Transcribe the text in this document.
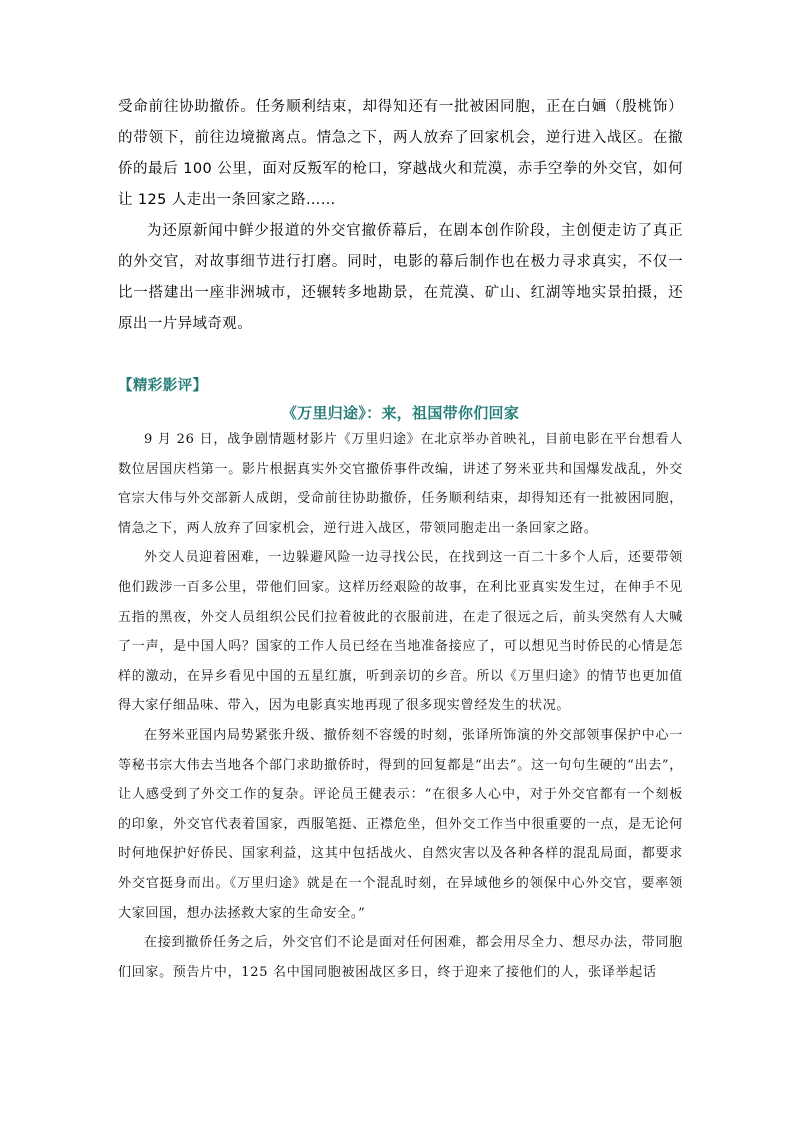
受命前往协助撤侨。任务顺利结束，却得知还有一批被困同胞，正在白婳（殷桃饰）的带领下，前往边境撤离点。情急之下，两人放弃了回家机会，逆行进入战区。在撤侨的最后 100 公里，面对反叛军的枪口，穿越战火和荒漠，赤手空拳的外交官，如何让 125 人走出一条回家之路……

为还原新闻中鲜少报道的外交官撤侨幕后，在剧本创作阶段，主创便走访了真正的外交官，对故事细节进行打磨。同时，电影的幕后制作也在极力寻求真实，不仅一比一搭建出一座非洲城市，还辗转多地勘景，在荒漠、矿山、红湖等地实景拍摄，还原出一片异域奇观。

【精彩影评】
《万里归途》：来，祖国带你们回家

9 月 26 日，战争剧情题材影片《万里归途》在北京举办首映礼，目前电影在平台想看人数位居国庆档第一。影片根据真实外交官撤侨事件改编，讲述了努米亚共和国爆发战乱，外交官宗大伟与外交部新人成朗，受命前往协助撤侨，任务顺利结束，却得知还有一批被困同胞，情急之下，两人放弃了回家机会，逆行进入战区，带领同胞走出一条回家之路。

外交人员迎着困难，一边躲避风险一边寻找公民，在找到这一百二十多个人后，还要带领他们跋涉一百多公里，带他们回家。这样历经艰险的故事，在利比亚真实发生过，在伸手不见五指的黑夜，外交人员组织公民们拉着彼此的衣服前进，在走了很远之后，前头突然有人大喊了一声，是中国人吗？国家的工作人员已经在当地准备接应了，可以想见当时侨民的心情是怎样的激动，在异乡看见中国的五星红旗，听到亲切的乡音。所以《万里归途》的情节也更加值得大家仔细品味、带入，因为电影真实地再现了很多现实曾经发生的状况。

在努米亚国内局势紧张升级、撤侨刻不容缓的时刻，张译所饰演的外交部领事保护中心一等秘书宗大伟去当地各个部门求助撤侨时，得到的回复都是“出去”。这一句句生硬的“出去”，让人感受到了外交工作的复杂。评论员王健表示：“在很多人心中，对于外交官都有一个刻板的印象，外交官代表着国家，西服笔挺、正襟危坐，但外交工作当中很重要的一点，是无论何时何地保护好侨民、国家利益，这其中包括战火、自然灾害以及各种各样的混乱局面，都要求外交官挺身而出。《万里归途》就是在一个混乱时刻，在异域他乡的领保中心外交官，要率领大家回国，想办法拯救大家的生命安全。”

在接到撤侨任务之后，外交官们不论是面对任何困难，都会用尽全力、想尽办法，带同胞们回家。预告片中，125 名中国同胞被困战区多日，终于迎来了接他们的人，张译举起话
